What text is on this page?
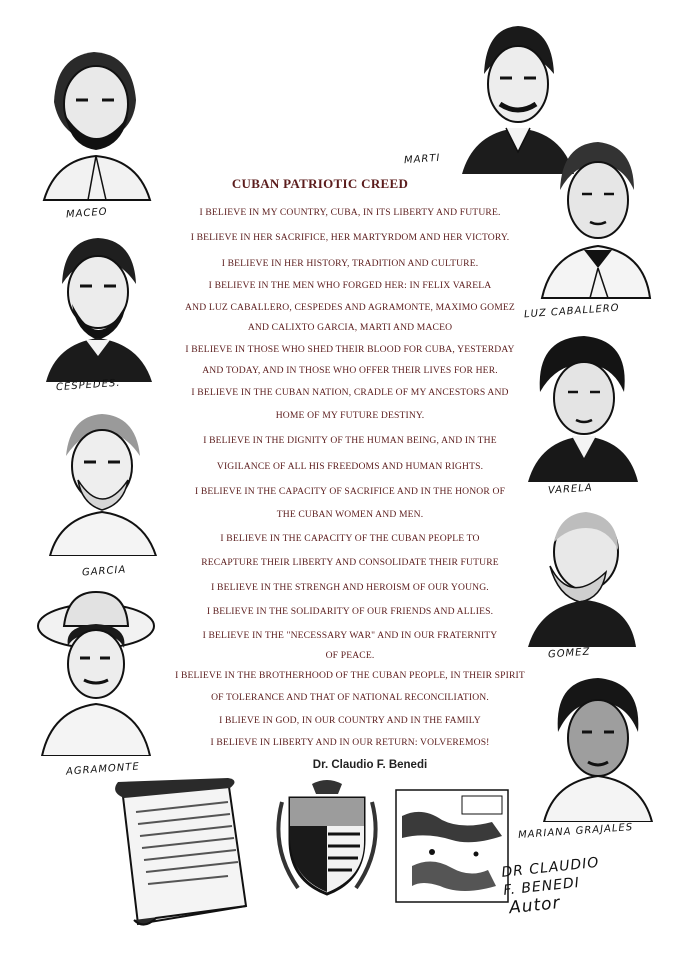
MACEO
MARTI
LUZ CABALLERO
CÉSPEDES.
VARELA
GARCIA
GOMEZ
AGRAMONTE
MARIANA GRAJALES
CUBAN PATRIOTIC CREED
I BELIEVE IN MY COUNTRY, CUBA, IN ITS LIBERTY AND FUTURE.
I BELIEVE IN HER SACRIFICE, HER MARTYRDOM AND HER VICTORY.
I BELIEVE IN HER HISTORY, TRADITION AND CULTURE.
I BELIEVE IN THE MEN WHO FORGED HER: IN FELIX VARELA
AND LUZ CABALLERO, CESPEDES AND AGRAMONTE, MAXIMO GOMEZ
AND CALIXTO GARCIA, MARTI AND MACEO
I BELIEVE IN THOSE WHO SHED THEIR BLOOD FOR CUBA, YESTERDAY
AND TODAY, AND IN THOSE WHO OFFER THEIR LIVES FOR HER.
I BELIEVE IN THE CUBAN NATION, CRADLE OF MY ANCESTORS AND
HOME OF MY FUTURE DESTINY.
I BELIEVE IN THE DIGNITY OF THE HUMAN BEING, AND IN THE
VIGILANCE OF ALL HIS FREEDOMS AND HUMAN RIGHTS.
I BELIEVE IN THE CAPACITY OF SACRIFICE AND IN THE HONOR OF
THE CUBAN WOMEN AND MEN.
I BELIEVE IN THE CAPACITY OF THE CUBAN PEOPLE TO
RECAPTURE THEIR LIBERTY AND CONSOLIDATE THEIR FUTURE
I BELIEVE IN THE STRENGH AND HEROISM OF OUR YOUNG.
I BELIEVE IN THE SOLIDARITY OF OUR FRIENDS AND ALLIES.
I BELIEVE IN THE "NECESSARY WAR" AND IN OUR FRATERNITY
OF PEACE.
I BELIEVE IN THE BROTHERHOOD OF THE CUBAN PEOPLE, IN THEIR SPIRIT
OF TOLERANCE AND THAT OF NATIONAL RECONCILIATION.
I BLIEVE IN GOD, IN OUR COUNTRY AND IN THE FAMILY
I BELIEVE IN LIBERTY AND IN OUR RETURN: VOLVEREMOS!
Dr. Claudio F. Benedi
DR CLAUDIO
F. BENEDI
Autor
